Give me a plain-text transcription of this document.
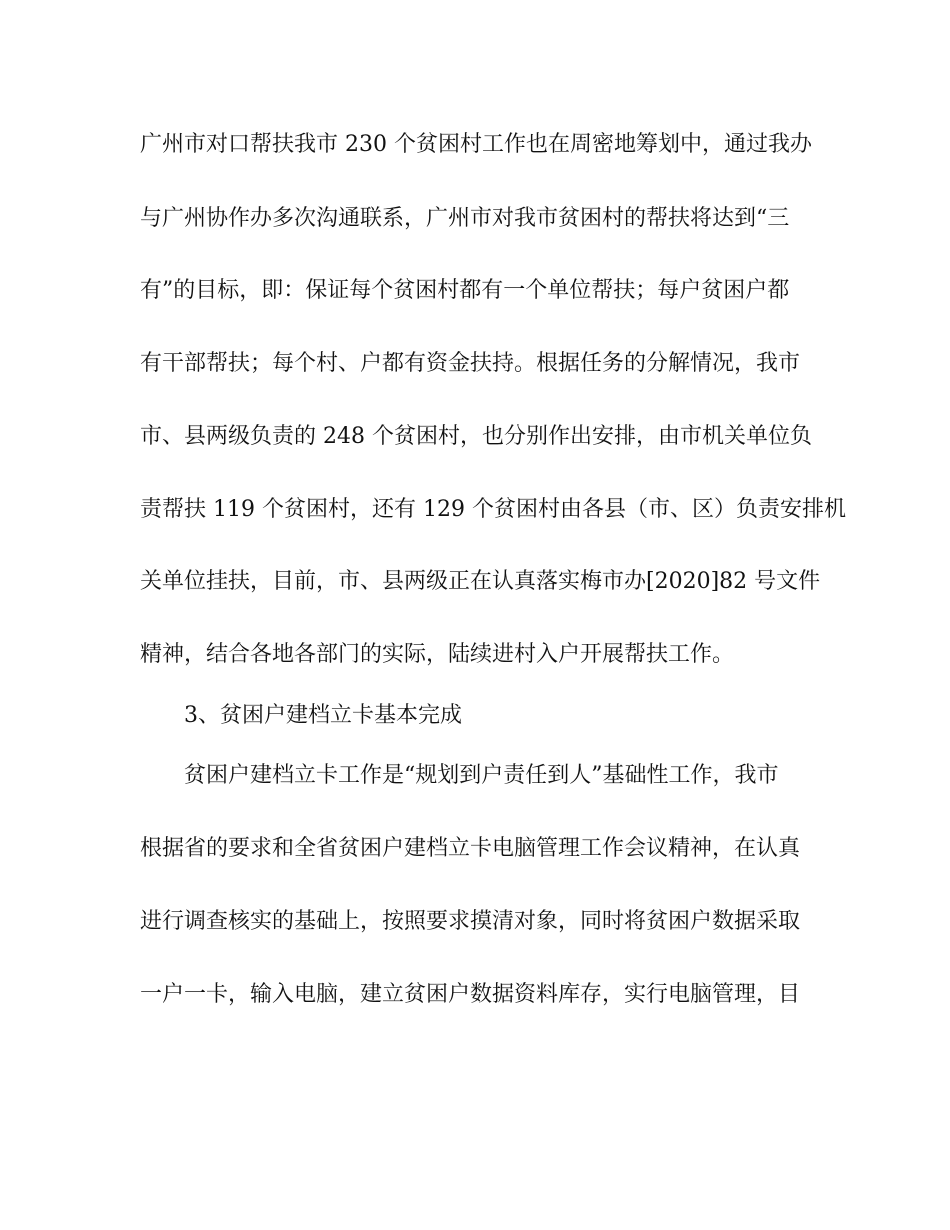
广州市对口帮扶我市 230 个贫困村工作也在周密地筹划中，通过我办
与广州协作办多次沟通联系，广州市对我市贫困村的帮扶将达到“三
有”的目标，即：保证每个贫困村都有一个单位帮扶；每户贫困户都
有干部帮扶；每个村、户都有资金扶持。根据任务的分解情况，我市
市、县两级负责的 248 个贫困村，也分别作出安排，由市机关单位负
责帮扶 119 个贫困村，还有 129 个贫困村由各县（市、区）负责安排机
关单位挂扶，目前，市、县两级正在认真落实梅市办[2020]82 号文件
精神，结合各地各部门的实际，陆续进村入户开展帮扶工作。
3、贫困户建档立卡基本完成
贫困户建档立卡工作是“规划到户责任到人”基础性工作，我市
根据省的要求和全省贫困户建档立卡电脑管理工作会议精神，在认真
进行调查核实的基础上，按照要求摸清对象，同时将贫困户数据采取
一户一卡，输入电脑，建立贫困户数据资料库存，实行电脑管理，目
